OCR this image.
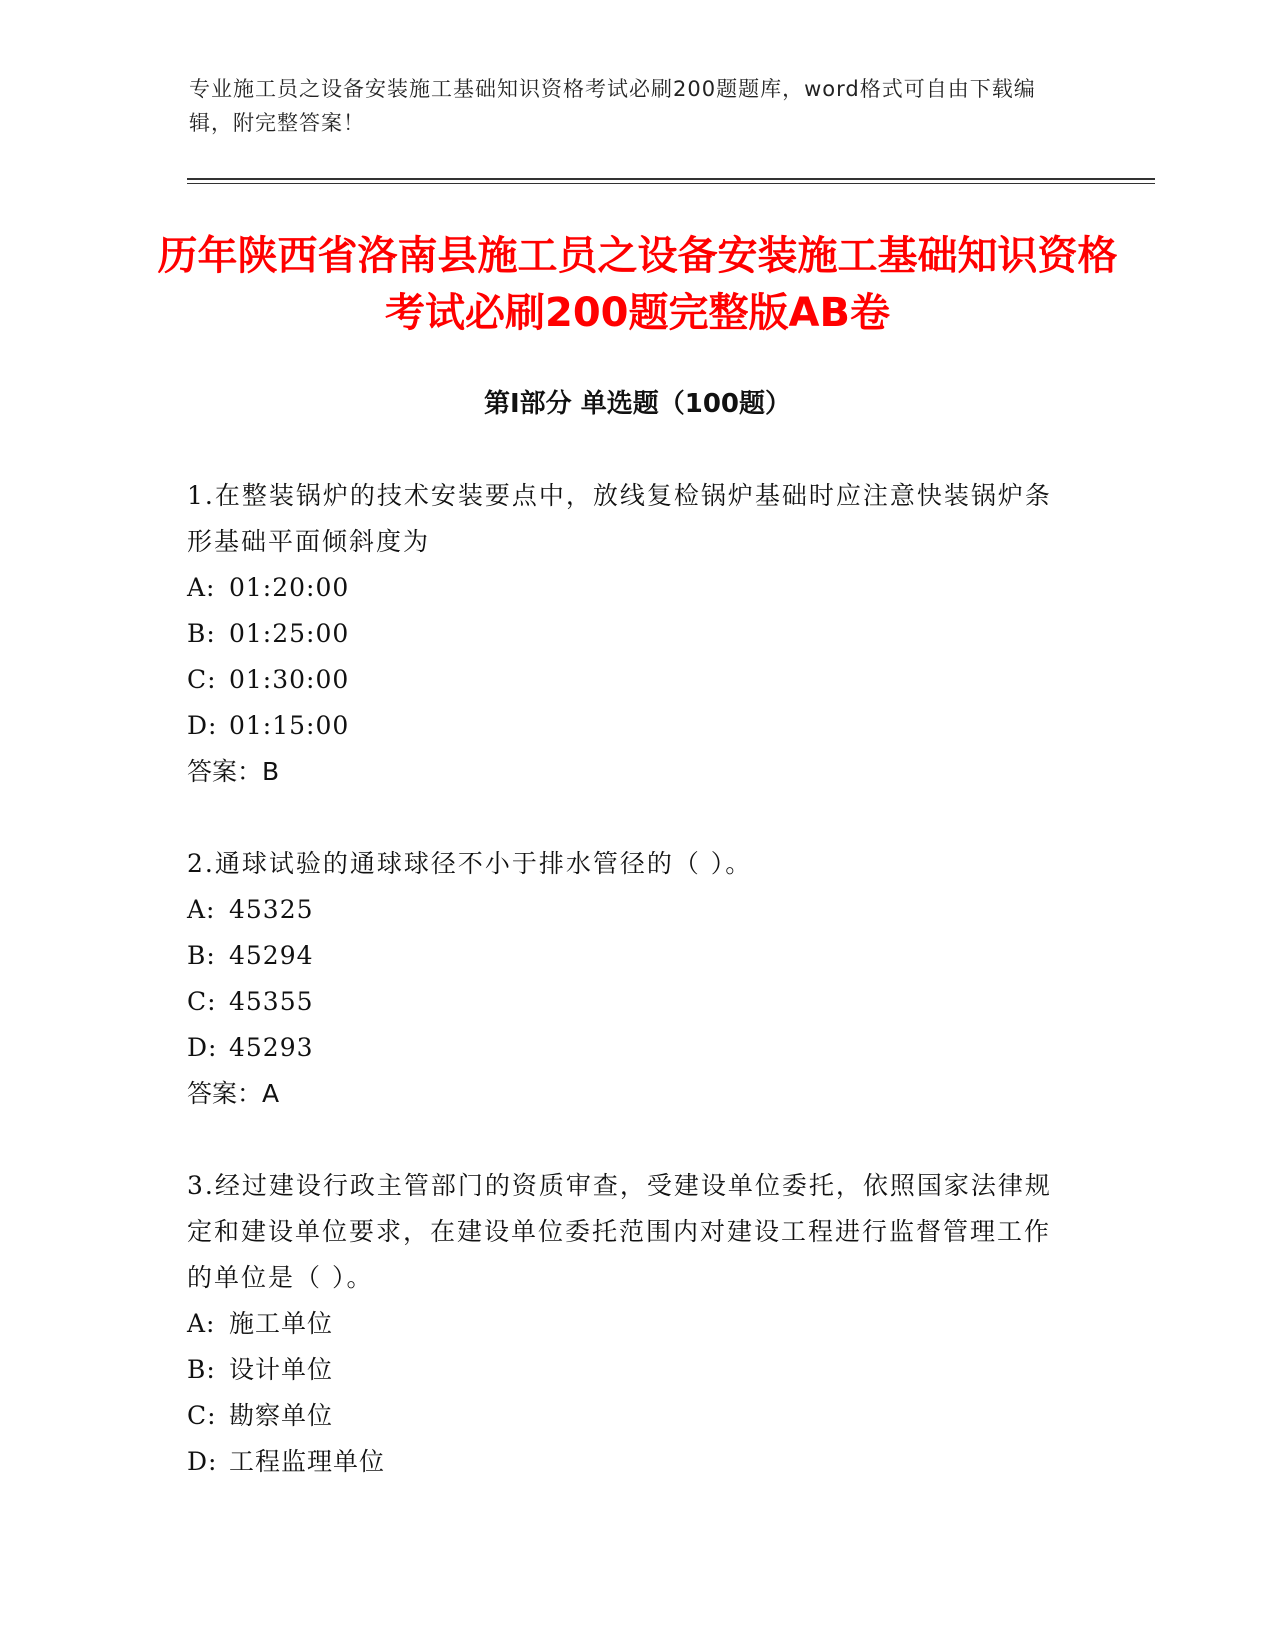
专业施工员之设备安装施工基础知识资格考试必刷200题题库，word格式可自由下载编辑，附完整答案！
历年陕西省洛南县施工员之设备安装施工基础知识资格考试必刷200题完整版AB卷
第Ⅰ部分 单选题（100题）

1.在整装锅炉的技术安装要点中，放线复检锅炉基础时应注意快装锅炉条形基础平面倾斜度为

A: 01:20:00

B: 01:25:00

C: 01:30:00

D: 01:15:00

答案：B

2.通球试验的通球球径不小于排水管径的（ ）。

A: 45325

B: 45294

C: 45355

D: 45293

答案：A

3.经过建设行政主管部门的资质审查，受建设单位委托，依照国家法律规定和建设单位要求，在建设单位委托范围内对建设工程进行监督管理工作的单位是（ ）。

A: 施工单位

B: 设计单位

C: 勘察单位

D: 工程监理单位
